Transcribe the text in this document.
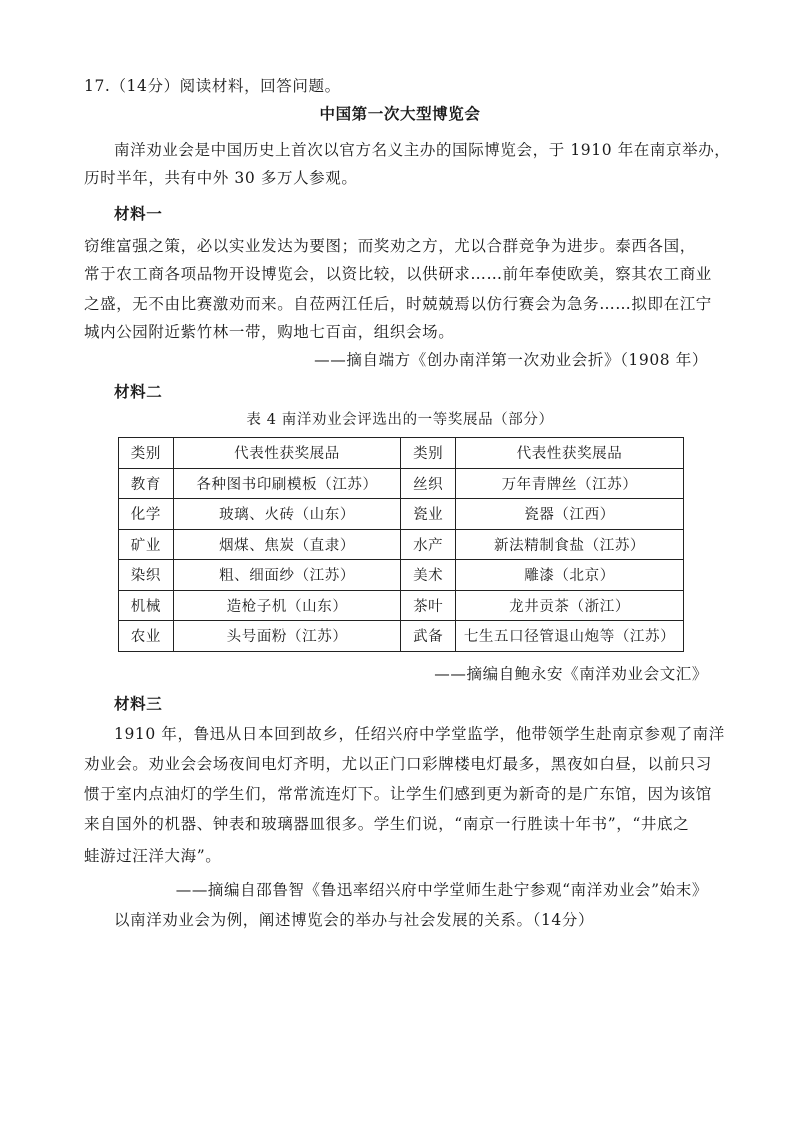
17.（14分）阅读材料，回答问题。
中国第一次大型博览会
南洋劝业会是中国历史上首次以官方名义主办的国际博览会，于 1910 年在南京举办，
历时半年，共有中外 30 多万人参观。
材料一
窃维富强之策，必以实业发达为要图；而奖劝之方，尤以合群竞争为进步。泰西各国，
常于农工商各项品物开设博览会，以资比较，以供研求……前年奉使欧美，察其农工商业
之盛，无不由比赛激劝而来。自莅两江任后，时兢兢焉以仿行赛会为急务……拟即在江宁
城内公园附近紫竹林一带，购地七百亩，组织会场。
——摘自端方《创办南洋第一次劝业会折》（1908 年）
材料二
表 4 南洋劝业会评选出的一等奖展品（部分）
类别	代表性获奖展品	类别	代表性获奖展品
教育	各种图书印刷模板（江苏）	丝织	万年青牌丝（江苏）
化学	玻璃、火砖（山东）	瓷业	瓷器（江西）
矿业	烟煤、焦炭（直隶）	水产	新法精制食盐（江苏）
染织	粗、细面纱（江苏）	美术	雕漆（北京）
机械	造枪子机（山东）	茶叶	龙井贡茶（浙江）
农业	头号面粉（江苏）	武备	七生五口径管退山炮等（江苏）
——摘编自鲍永安《南洋劝业会文汇》
材料三
1910 年，鲁迅从日本回到故乡，任绍兴府中学堂监学，他带领学生赴南京参观了南洋
劝业会。劝业会会场夜间电灯齐明，尤以正门口彩牌楼电灯最多，黑夜如白昼，以前只习
惯于室内点油灯的学生们，常常流连灯下。让学生们感到更为新奇的是广东馆，因为该馆
来自国外的机器、钟表和玻璃器皿很多。学生们说，“南京一行胜读十年书”，“井底之
蛙游过汪洋大海”。
——摘编自邵鲁智《鲁迅率绍兴府中学堂师生赴宁参观“南洋劝业会”始末》
以南洋劝业会为例，阐述博览会的举办与社会发展的关系。（14分）
